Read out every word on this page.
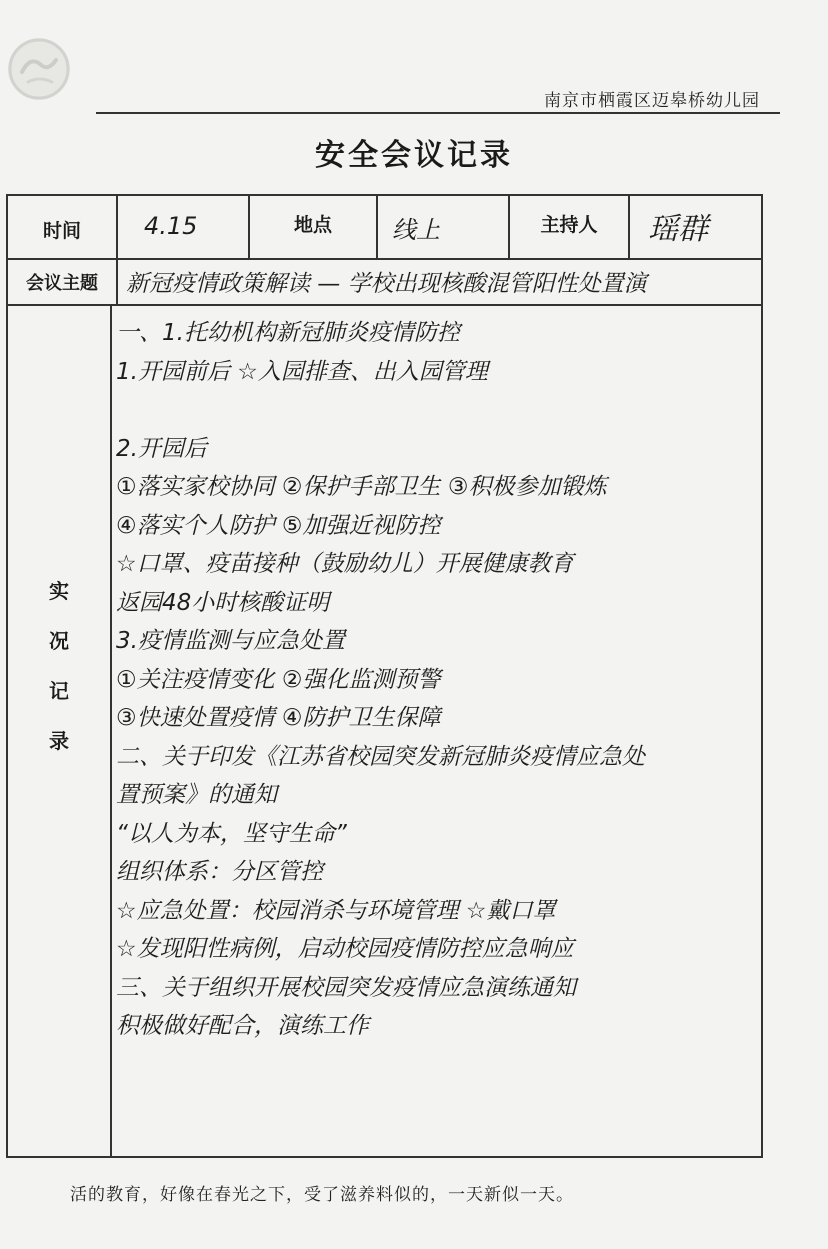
南京市栖霞区迈皋桥幼儿园
安全会议记录
时间	4.15	地点	线上	主持人	瑶群
会议主题	新冠疫情政策解读 — 学校出现核酸混管阳性处置演
实
况
记
录
一、1.托幼机构新冠肺炎疫情防控
1.开园前后 ☆入园排查、出入园管理
2.开园后
①落实家校协同 ②保护手部卫生 ③积极参加锻炼
④落实个人防护 ⑤加强近视防控
☆口罩、疫苗接种（鼓励幼儿）开展健康教育
返园48小时核酸证明
3.疫情监测与应急处置
①关注疫情变化 ②强化监测预警
③快速处置疫情 ④防护卫生保障
二、关于印发《江苏省校园突发新冠肺炎疫情应急处
置预案》的通知
“以人为本，坚守生命”
组织体系：分区管控
☆应急处置：校园消杀与环境管理 ☆戴口罩
☆发现阳性病例，启动校园疫情防控应急响应
三、关于组织开展校园突发疫情应急演练通知
积极做好配合，演练工作
活的教育，好像在春光之下，受了滋养料似的，一天新似一天。
